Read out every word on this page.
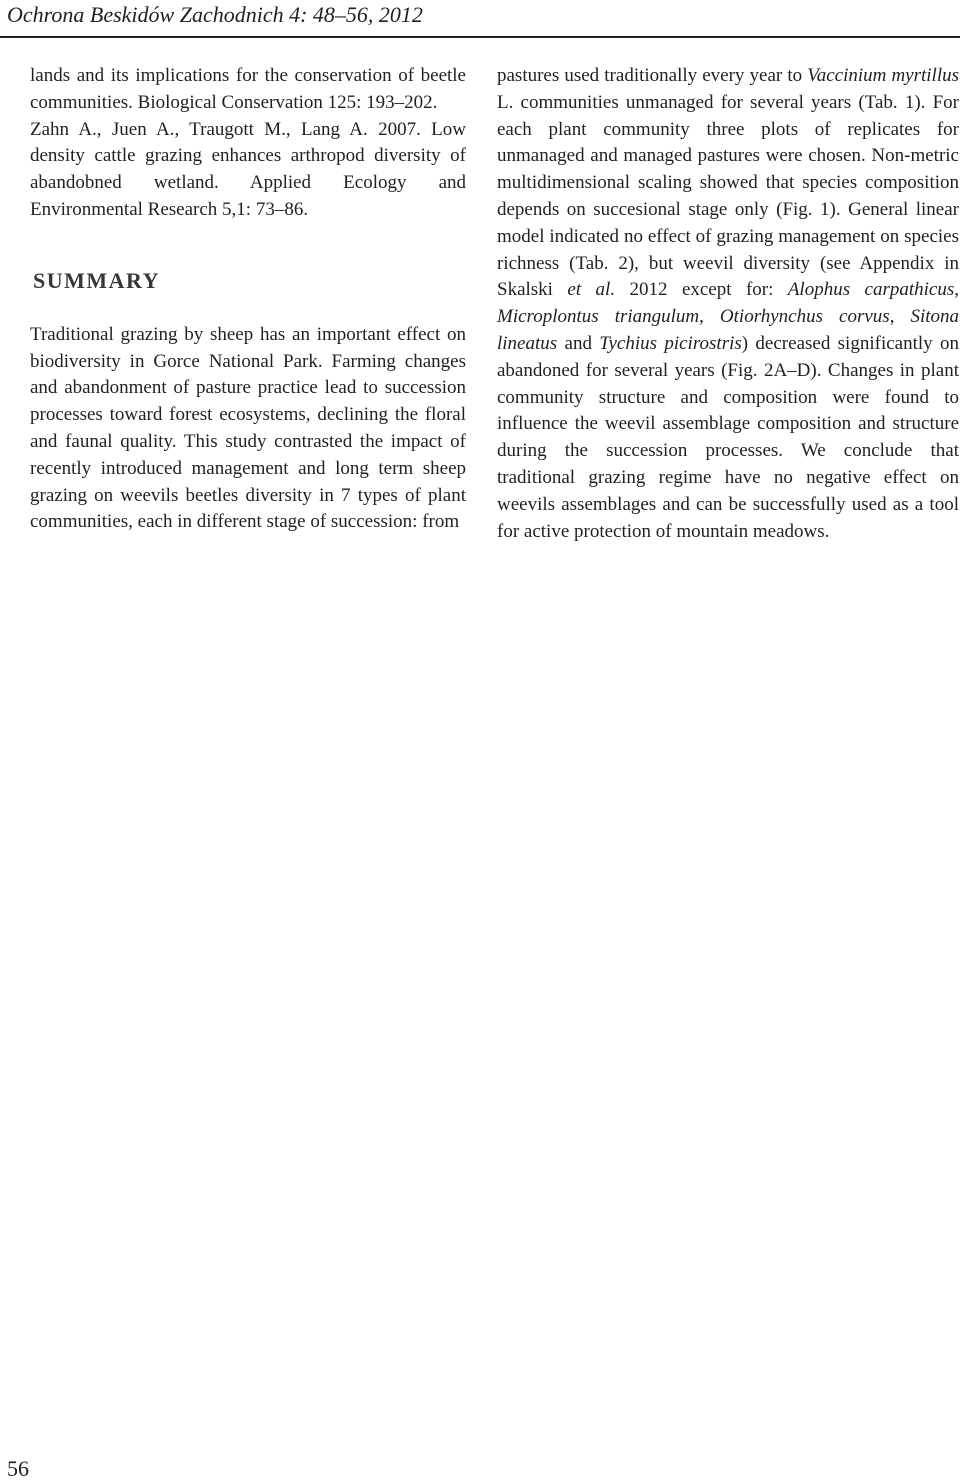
Ochrona Beskidów Zachodnich 4: 48–56, 2012

lands and its implications for the conservation of beetle communities. Biological Conservation 125: 193–202.

Zahn A., Juen A., Traugott M., Lang A. 2007. Low density cattle grazing enhances arthropod diversity of abandobned wetland. Applied Ecology and Environmental Research 5,1: 73–86.

SUMMARY

Traditional grazing by sheep has an important effect on biodiversity in Gorce National Park. Farming changes and abandonment of pasture practice lead to succession processes toward forest ecosystems, declining the floral and faunal quality. This study contrasted the impact of recently introduced management and long term sheep grazing on weevils beetles diversity in 7 types of plant communities, each in different stage of succession: from

pastures used traditionally every year to Vaccinium myrtillus L. communities unmanaged for several years (Tab. 1). For each plant community three plots of replicates for unmanaged and managed pastures were chosen. Non-metric multidimensional scaling showed that species composition depends on succesional stage only (Fig. 1). General linear model indicated no effect of grazing management on species richness (Tab. 2), but weevil diversity (see Appendix in Skalski et al. 2012 except for: Alophus carpathicus, Microplontus triangulum, Otiorhynchus corvus, Sitona lineatus and Tychius picirostris) decreased significantly on abandoned for several years (Fig. 2A–D). Changes in plant community structure and composition were found to influence the weevil assemblage composition and structure during the succession processes. We conclude that traditional grazing regime have no negative effect on weevils assemblages and can be successfully used as a tool for active protection of mountain meadows.

56
